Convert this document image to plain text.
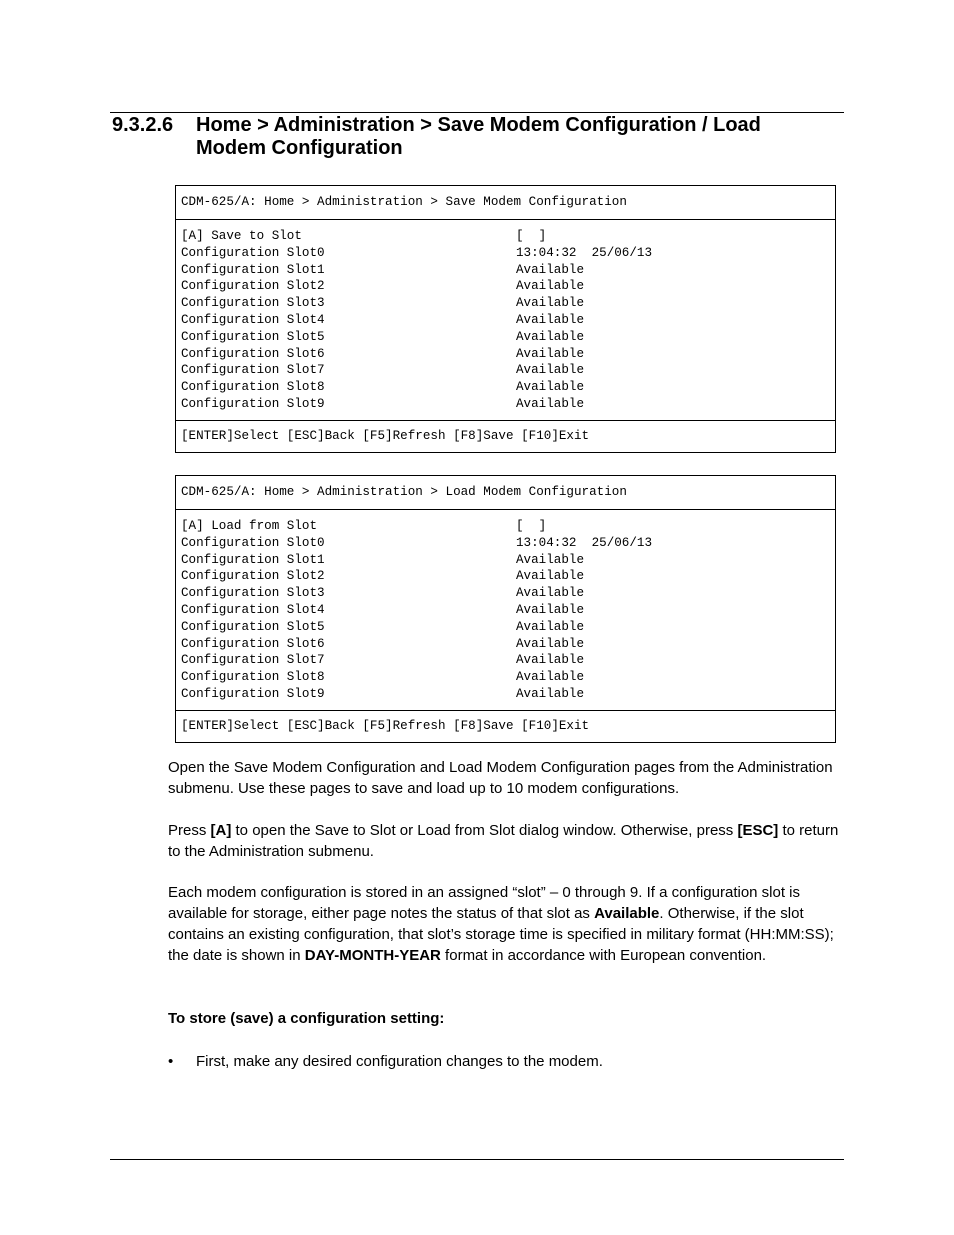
9.3.2.6 Home > Administration > Save Modem Configuration / Load Modem Configuration
CDM-625/A: Home > Administration > Save Modem Configuration
[A] Save to Slot	[  ]
Configuration Slot0	13:04:32  25/06/13
Configuration Slot1	Available
Configuration Slot2	Available
Configuration Slot3	Available
Configuration Slot4	Available
Configuration Slot5	Available
Configuration Slot6	Available
Configuration Slot7	Available
Configuration Slot8	Available
Configuration Slot9	Available
[ENTER]Select [ESC]Back [F5]Refresh [F8]Save [F10]Exit
CDM-625/A: Home > Administration > Load Modem Configuration
[A] Load from Slot	[  ]
Configuration Slot0	13:04:32  25/06/13
Configuration Slot1	Available
Configuration Slot2	Available
Configuration Slot3	Available
Configuration Slot4	Available
Configuration Slot5	Available
Configuration Slot6	Available
Configuration Slot7	Available
Configuration Slot8	Available
Configuration Slot9	Available
[ENTER]Select [ESC]Back [F5]Refresh [F8]Save [F10]Exit

Open the Save Modem Configuration and Load Modem Configuration pages from the Administration submenu. Use these pages to save and load up to 10 modem configurations.

Press [A] to open the Save to Slot or Load from Slot dialog window. Otherwise, press [ESC] to return to the Administration submenu.

Each modem configuration is stored in an assigned “slot” – 0 through 9. If a configuration slot is available for storage, either page notes the status of that slot as Available. Otherwise, if the slot contains an existing configuration, that slot’s storage time is specified in military format (HH:MM:SS); the date is shown in DAY-MONTH-YEAR format in accordance with European convention.

To store (save) a configuration setting:

• First, make any desired configuration changes to the modem.
